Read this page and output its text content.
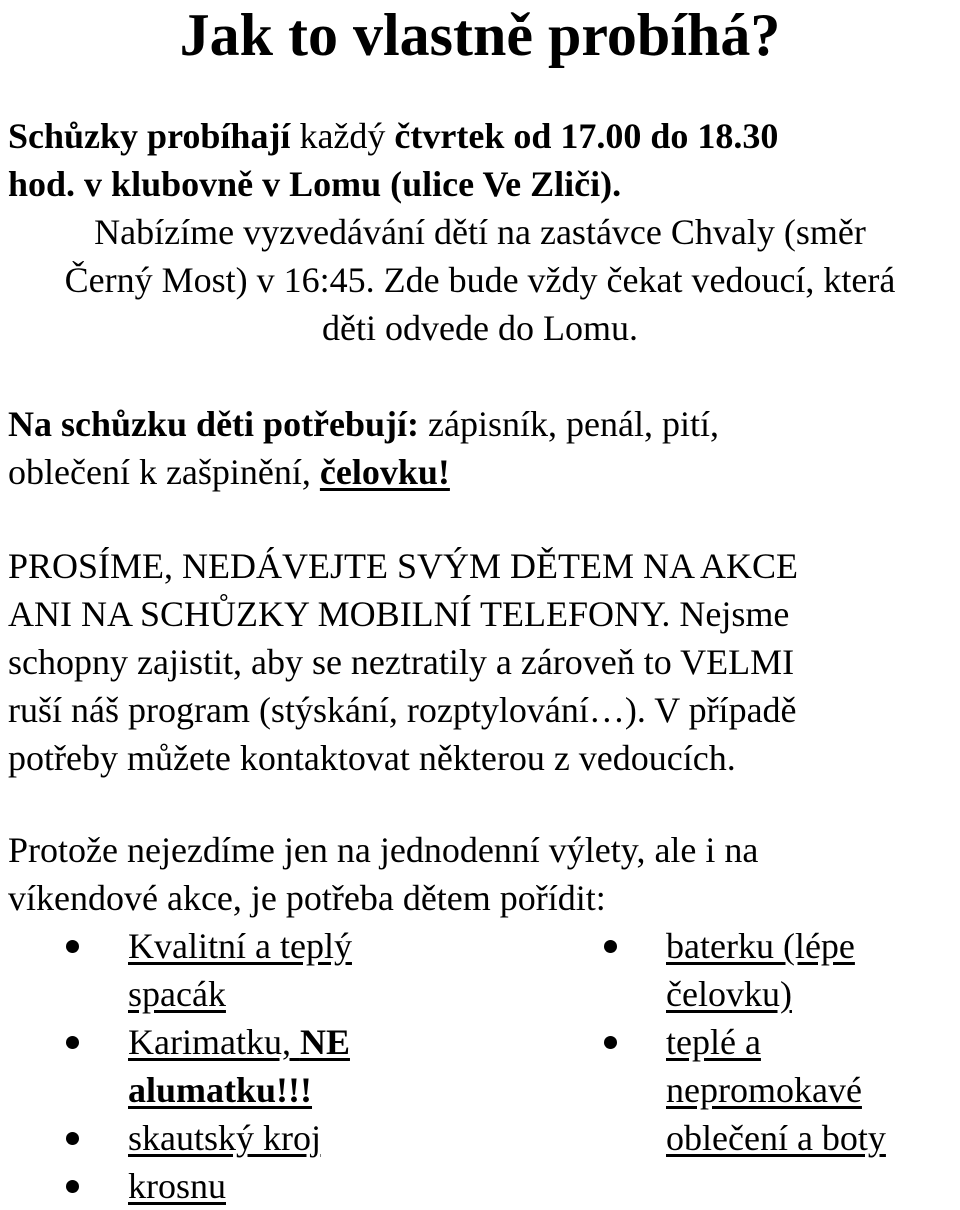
Jak to vlastně probíhá?

Schůzky probíhají každý čtvrtek od 17.00 do 18.30

hod. v klubovně v Lomu (ulice Ve Zliči).

Nabízíme vyzvedávání dětí na zastávce Chvaly (směr

Černý Most) v 16:45. Zde bude vždy čekat vedoucí, která

děti odvede do Lomu.

Na schůzku děti potřebují: zápisník, penál, pití,

oblečení k zašpinění, čelovku!

PROSÍME, NEDÁVEJTE SVÝM DĚTEM NA AKCE

ANI NA SCHŮZKY MOBILNÍ TELEFONY. Nejsme

schopny zajistit, aby se neztratily a zároveň to VELMI

ruší náš program (stýskání, rozptylování…). V případě

potřeby můžete kontaktovat některou z vedoucích.

Protože nejezdíme jen na jednodenní výlety, ale i na

víkendové akce, je potřeba dětem pořídit:

Kvalitní a teplý spacák
Karimatku, NE alumatku!!!
skautský kroj
krosnu
baterku (lépe čelovku)
teplé a nepromokavé oblečení a boty
